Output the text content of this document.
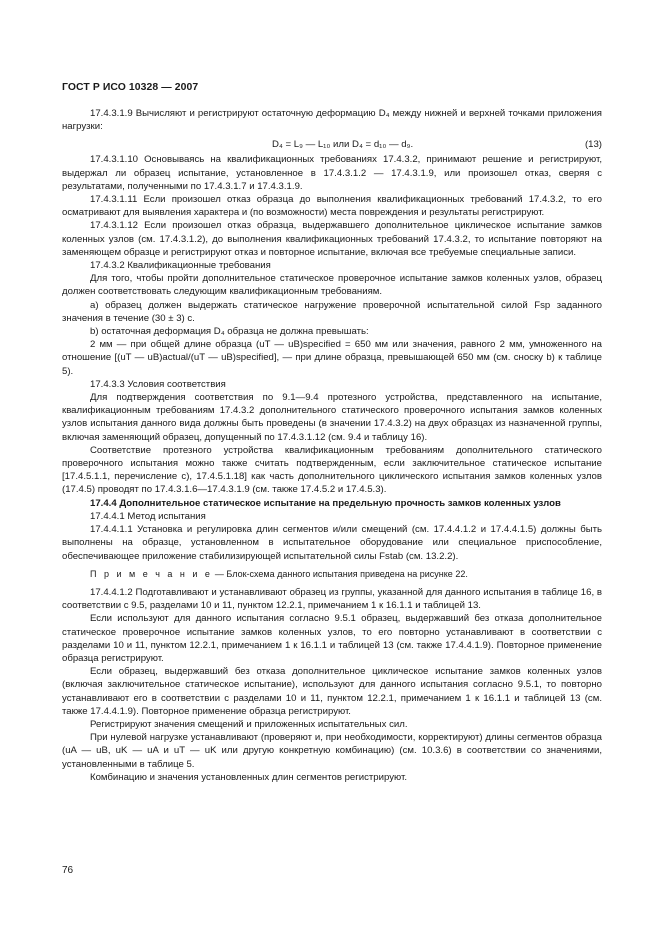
ГОСТ Р ИСО 10328 — 2007

17.4.3.1.9 Вычисляют и регистрируют остаточную деформацию D₄ между нижней и верхней точками приложения нагрузки:

D₄ = L₉ — L₁₀ или D₄ = d₁₀ — d₉.	(13)

17.4.3.1.10 Основываясь на квалификационных требованиях 17.4.3.2, принимают решение и регистрируют, выдержал ли образец испытание, установленное в 17.4.3.1.2 — 17.4.3.1.9, или произошел отказ, сверяя с результатами, полученными по 17.4.3.1.7 и 17.4.3.1.9.

17.4.3.1.11 Если произошел отказ образца до выполнения квалификационных требований 17.4.3.2, то его осматривают для выявления характера и (по возможности) места повреждения и результаты регистрируют.

17.4.3.1.12 Если произошел отказ образца, выдержавшего дополнительное циклическое испытание замков коленных узлов (см. 17.4.3.1.2), до выполнения квалификационных требований 17.4.3.2, то испытание повторяют на заменяющем образце и регистрируют отказ и повторное испытание, включая все требуемые специальные записи.

17.4.3.2 Квалификационные требования

Для того, чтобы пройти дополнительное статическое проверочное испытание замков коленных узлов, образец должен соответствовать следующим квалификационным требованиям.

a) образец должен выдержать статическое нагружение проверочной испытательной силой Fsp заданного значения в течение (30 ± 3) с.

b) остаточная деформация D₄ образца не должна превышать:

2 мм — при общей длине образца (uT — uB)specified = 650 мм или значения, равного 2 мм, умноженного на отношение [(uT — uB)actual/(uT — uB)specified], — при длине образца, превышающей 650 мм (см. сноску b) к таблице 5).

17.4.3.3 Условия соответствия

Для подтверждения соответствия по 9.1—9.4 протезного устройства, представленного на испытание, квалификационным требованиям 17.4.3.2 дополнительного статического проверочного испытания замков коленных узлов испытания данного вида должны быть проведены (в значении 17.4.3.2) на двух образцах из назначенной группы, включая заменяющий образец, допущенный по 17.4.3.1.12 (см. 9.4 и таблицу 16).

Соответствие протезного устройства квалификационным требованиям дополнительного статического проверочного испытания можно также считать подтвержденным, если заключительное статическое испытание [17.4.5.1.1, перечисление c), 17.4.5.1.18] как часть дополнительного циклического испытания замков коленных узлов (17.4.5) проводят по 17.4.3.1.6—17.4.3.1.9 (см. также 17.4.5.2 и 17.4.5.3).

17.4.4 Дополнительное статическое испытание на предельную прочность замков коленных узлов

17.4.4.1 Метод испытания

17.4.4.1.1 Установка и регулировка длин сегментов и/или смещений (см. 17.4.4.1.2 и 17.4.4.1.5) должны быть выполнены на образце, установленном в испытательное оборудование или специальное приспособление, обеспечивающее приложение стабилизирующей испытательной силы Fstab (см. 13.2.2).

П р и м е ч а н и е — Блок-схема данного испытания приведена на рисунке 22.

17.4.4.1.2 Подготавливают и устанавливают образец из группы, указанной для данного испытания в таблице 16, в соответствии с 9.5, разделами 10 и 11, пунктом 12.2.1, примечанием 1 к 16.1.1 и таблицей 13.

Если используют для данного испытания согласно 9.5.1 образец, выдержавший без отказа дополнительное статическое проверочное испытание замков коленных узлов, то его повторно устанавливают в соответствии с разделами 10 и 11, пунктом 12.2.1, примечанием 1 к 16.1.1 и таблицей 13 (см. также 17.4.4.1.9). Повторное применение образца регистрируют.

Если образец, выдержавший без отказа дополнительное циклическое испытание замков коленных узлов (включая заключительное статическое испытание), используют для данного испытания согласно 9.5.1, то повторно устанавливают его в соответствии с разделами 10 и 11, пунктом 12.2.1, примечанием 1 к 16.1.1 и таблицей 13 (см. также 17.4.4.1.9). Повторное применение образца регистрируют.

Регистрируют значения смещений и приложенных испытательных сил.

При нулевой нагрузке устанавливают (проверяют и, при необходимости, корректируют) длины сегментов образца (uA — uB, uK — uA и uT — uK или другую конкретную комбинацию) (см. 10.3.6) в соответствии со значениями, установленными в таблице 5.

Комбинацию и значения установленных длин сегментов регистрируют.

76
